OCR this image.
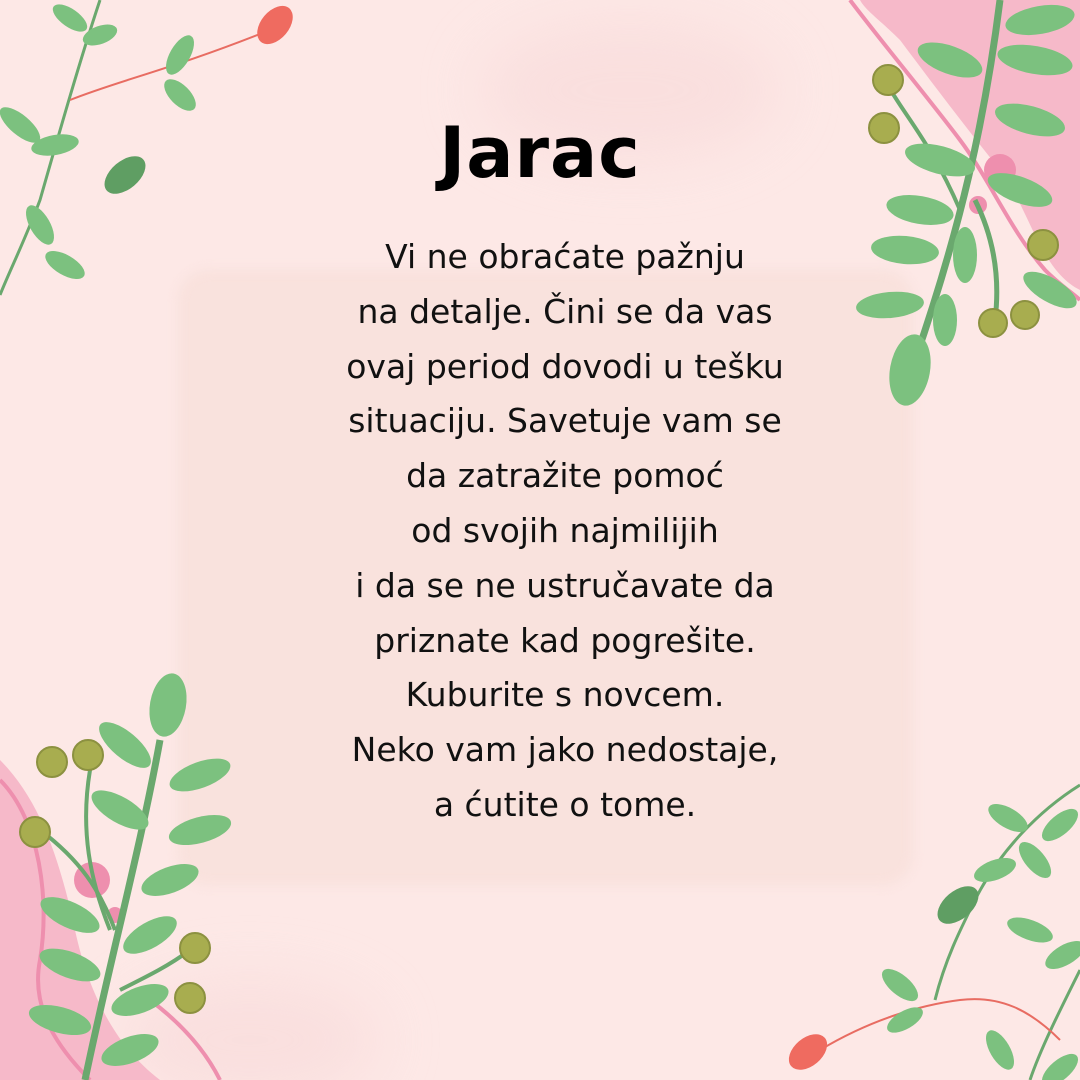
Jarac
Vi ne obraćate pažnju
na detalje. Čini se da vas
ovaj period dovodi u tešku
situaciju. Savetuje vam se
da zatražite pomoć
od svojih najmilijih
i da se ne ustručavate da
priznate kad pogrešite.
Kuburite s novcem.
Neko vam jako nedostaje,
a ćutite o tome.
